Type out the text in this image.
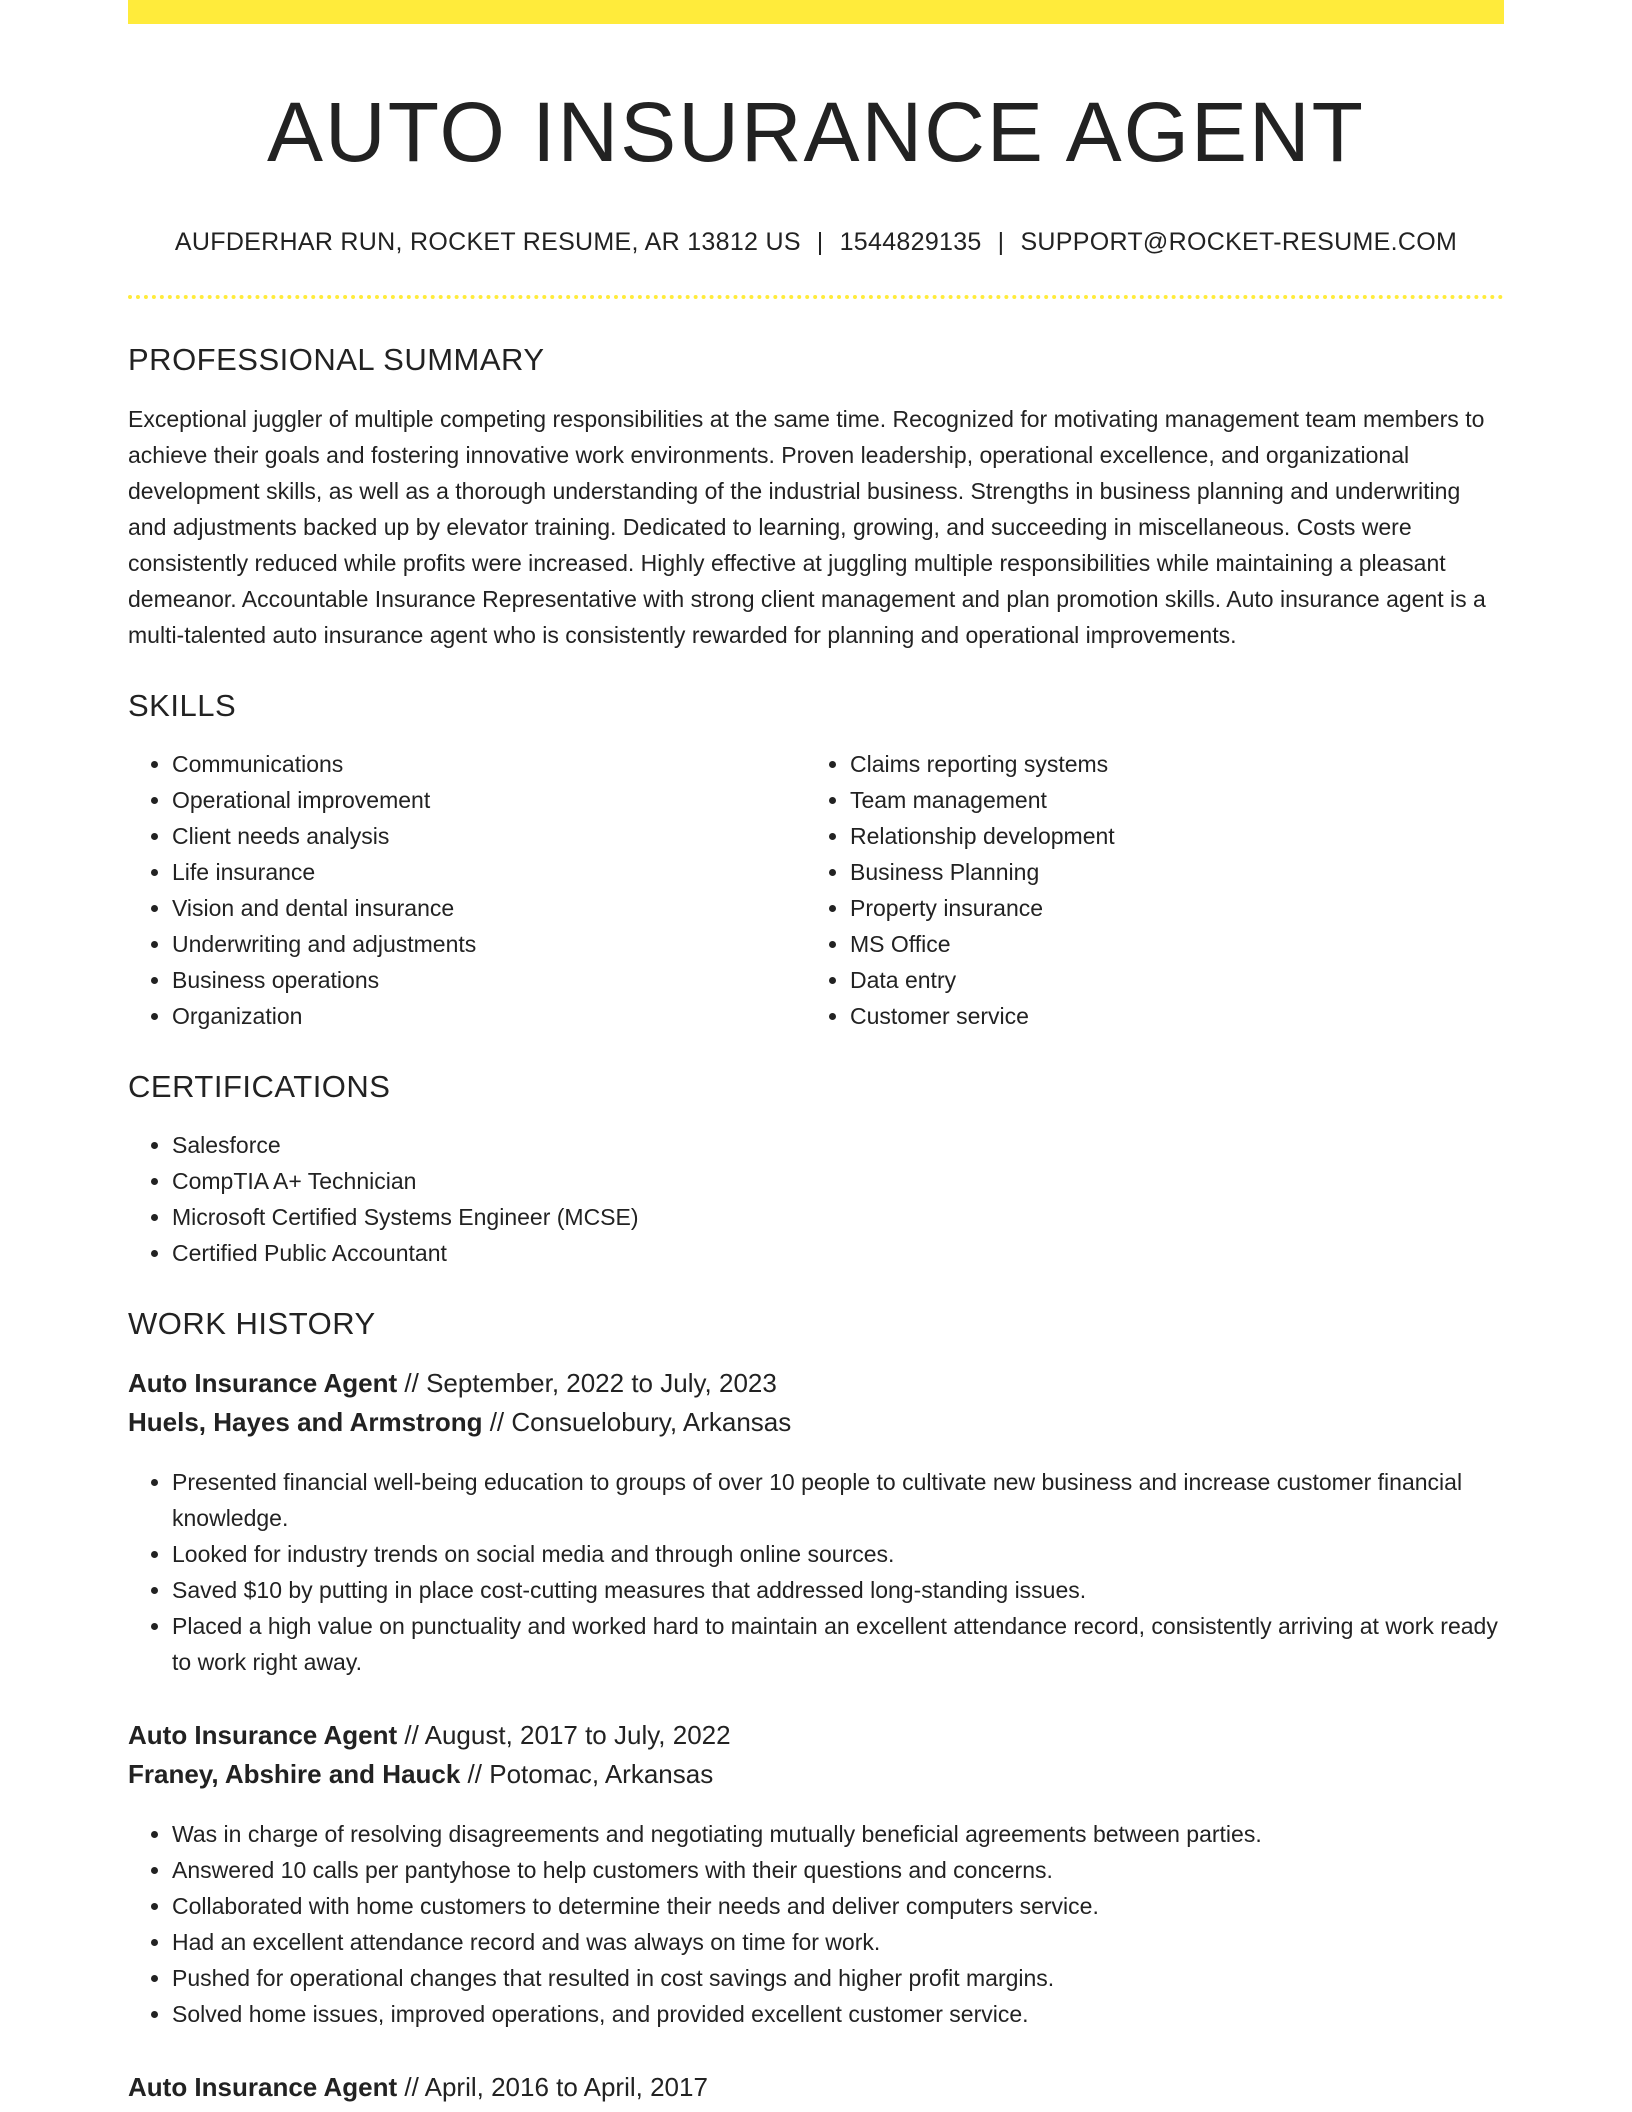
AUTO INSURANCE AGENT
AUFDERHAR RUN, ROCKET RESUME, AR 13812 US | 1544829135 | SUPPORT@ROCKET-RESUME.COM
PROFESSIONAL SUMMARY

Exceptional juggler of multiple competing responsibilities at the same time. Recognized for motivating management team members to achieve their goals and fostering innovative work environments. Proven leadership, operational excellence, and organizational development skills, as well as a thorough understanding of the industrial business. Strengths in business planning and underwriting and adjustments backed up by elevator training. Dedicated to learning, growing, and succeeding in miscellaneous. Costs were consistently reduced while profits were increased. Highly effective at juggling multiple responsibilities while maintaining a pleasant demeanor. Accountable Insurance Representative with strong client management and plan promotion skills. Auto insurance agent is a multi-talented auto insurance agent who is consistently rewarded for planning and operational improvements.

SKILLS
• Communications
• Operational improvement
• Client needs analysis
• Life insurance
• Vision and dental insurance
• Underwriting and adjustments
• Business operations
• Organization
• Claims reporting systems
• Team management
• Relationship development
• Business Planning
• Property insurance
• MS Office
• Data entry
• Customer service
CERTIFICATIONS
• Salesforce
• CompTIA A+ Technician
• Microsoft Certified Systems Engineer (MCSE)
• Certified Public Accountant
WORK HISTORY
Auto Insurance Agent // September, 2022 to July, 2023
Huels, Hayes and Armstrong // Consuelobury, Arkansas
• Presented financial well-being education to groups of over 10 people to cultivate new business and increase customer financial knowledge.
• Looked for industry trends on social media and through online sources.
• Saved $10 by putting in place cost-cutting measures that addressed long-standing issues.
• Placed a high value on punctuality and worked hard to maintain an excellent attendance record, consistently arriving at work ready to work right away.
Auto Insurance Agent // August, 2017 to July, 2022
Franey, Abshire and Hauck // Potomac, Arkansas
• Was in charge of resolving disagreements and negotiating mutually beneficial agreements between parties.
• Answered 10 calls per pantyhose to help customers with their questions and concerns.
• Collaborated with home customers to determine their needs and deliver computers service.
• Had an excellent attendance record and was always on time for work.
• Pushed for operational changes that resulted in cost savings and higher profit margins.
• Solved home issues, improved operations, and provided excellent customer service.
Auto Insurance Agent // April, 2016 to April, 2017
